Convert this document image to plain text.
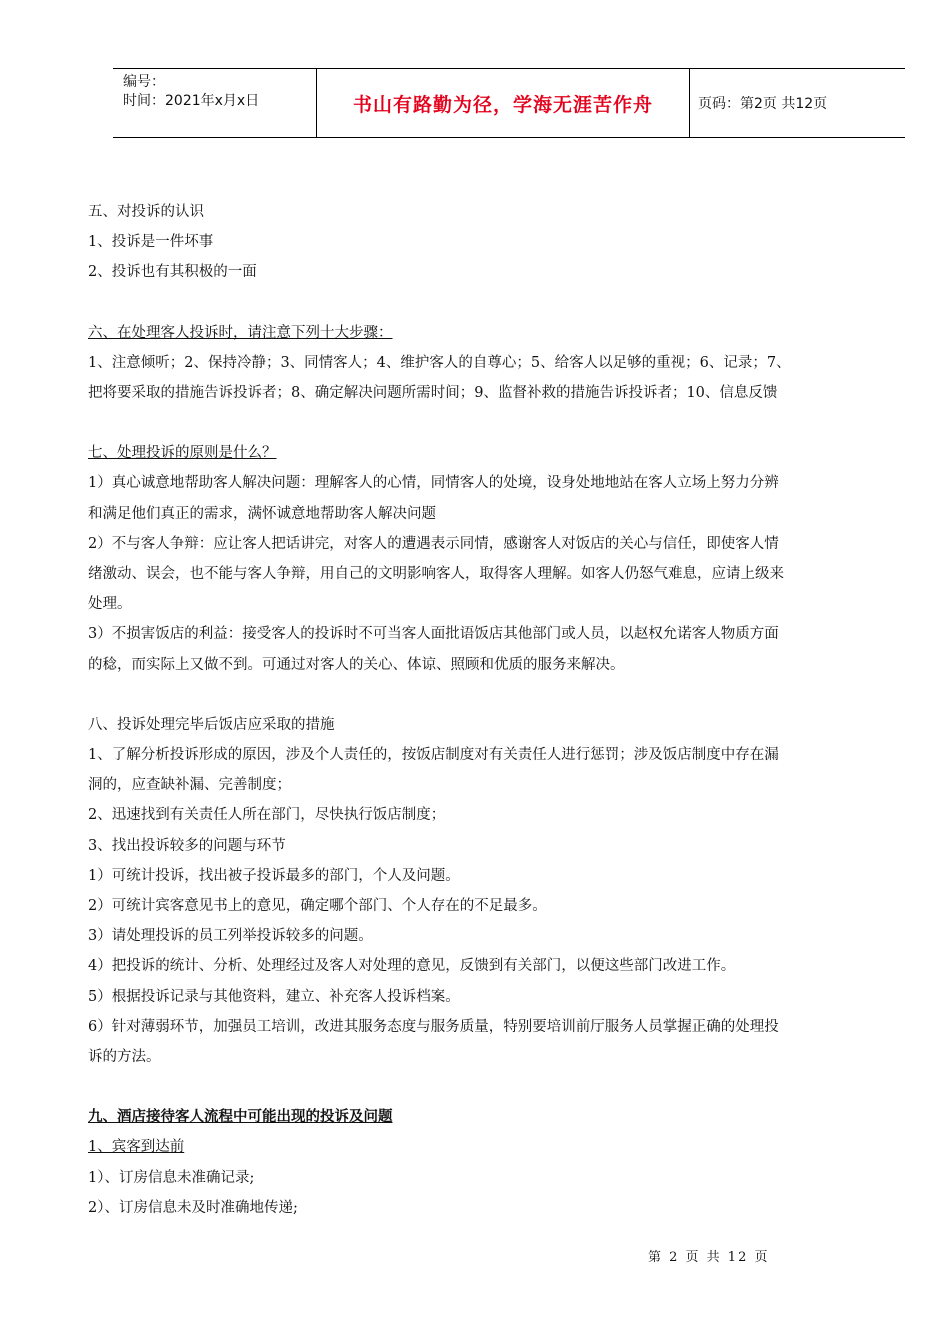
编号：
时间：2021年x月x日	书山有路勤为径，学海无涯苦作舟	页码：第2页 共12页
五、对投诉的认识
1、投诉是一件坏事
2、投诉也有其积极的一面
六、在处理客人投诉时，请注意下列十大步骤：
1、注意倾听；2、保持冷静；3、同情客人；4、维护客人的自尊心；5、给客人以足够的重视；6、记录；7、
把将要采取的措施告诉投诉者；8、确定解决问题所需时间；9、监督补救的措施告诉投诉者；10、信息反馈
七、处理投诉的原则是什么？
1）真心诚意地帮助客人解决问题：理解客人的心情，同情客人的处境，设身处地地站在客人立场上努力分辨
和满足他们真正的需求，满怀诚意地帮助客人解决问题
2）不与客人争辩：应让客人把话讲完，对客人的遭遇表示同情，感谢客人对饭店的关心与信任，即使客人情
绪激动、误会，也不能与客人争辩，用自己的文明影响客人，取得客人理解。如客人仍怒气难息，应请上级来
处理。
3）不损害饭店的利益：接受客人的投诉时不可当客人面批语饭店其他部门或人员，以赵权允诺客人物质方面
的稔，而实际上又做不到。可通过对客人的关心、体谅、照顾和优质的服务来解决。
八、投诉处理完毕后饭店应采取的措施
1、了解分析投诉形成的原因，涉及个人责任的，按饭店制度对有关责任人进行惩罚；涉及饭店制度中存在漏
洞的，应查缺补漏、完善制度；
2、迅速找到有关责任人所在部门，尽快执行饭店制度；
3、找出投诉较多的问题与环节
1）可统计投诉，找出被子投诉最多的部门，个人及问题。
2）可统计宾客意见书上的意见，确定哪个部门、个人存在的不足最多。
3）请处理投诉的员工列举投诉较多的问题。
4）把投诉的统计、分析、处理经过及客人对处理的意见，反馈到有关部门，以便这些部门改进工作。
5）根据投诉记录与其他资料，建立、补充客人投诉档案。
6）针对薄弱环节，加强员工培训，改进其服务态度与服务质量，特别要培训前厅服务人员掌握正确的处理投
诉的方法。
九、酒店接待客人流程中可能出现的投诉及问题
1、宾客到达前
1）、订房信息未准确记录;
2）、订房信息未及时准确地传递;
第 2 页 共 12 页
